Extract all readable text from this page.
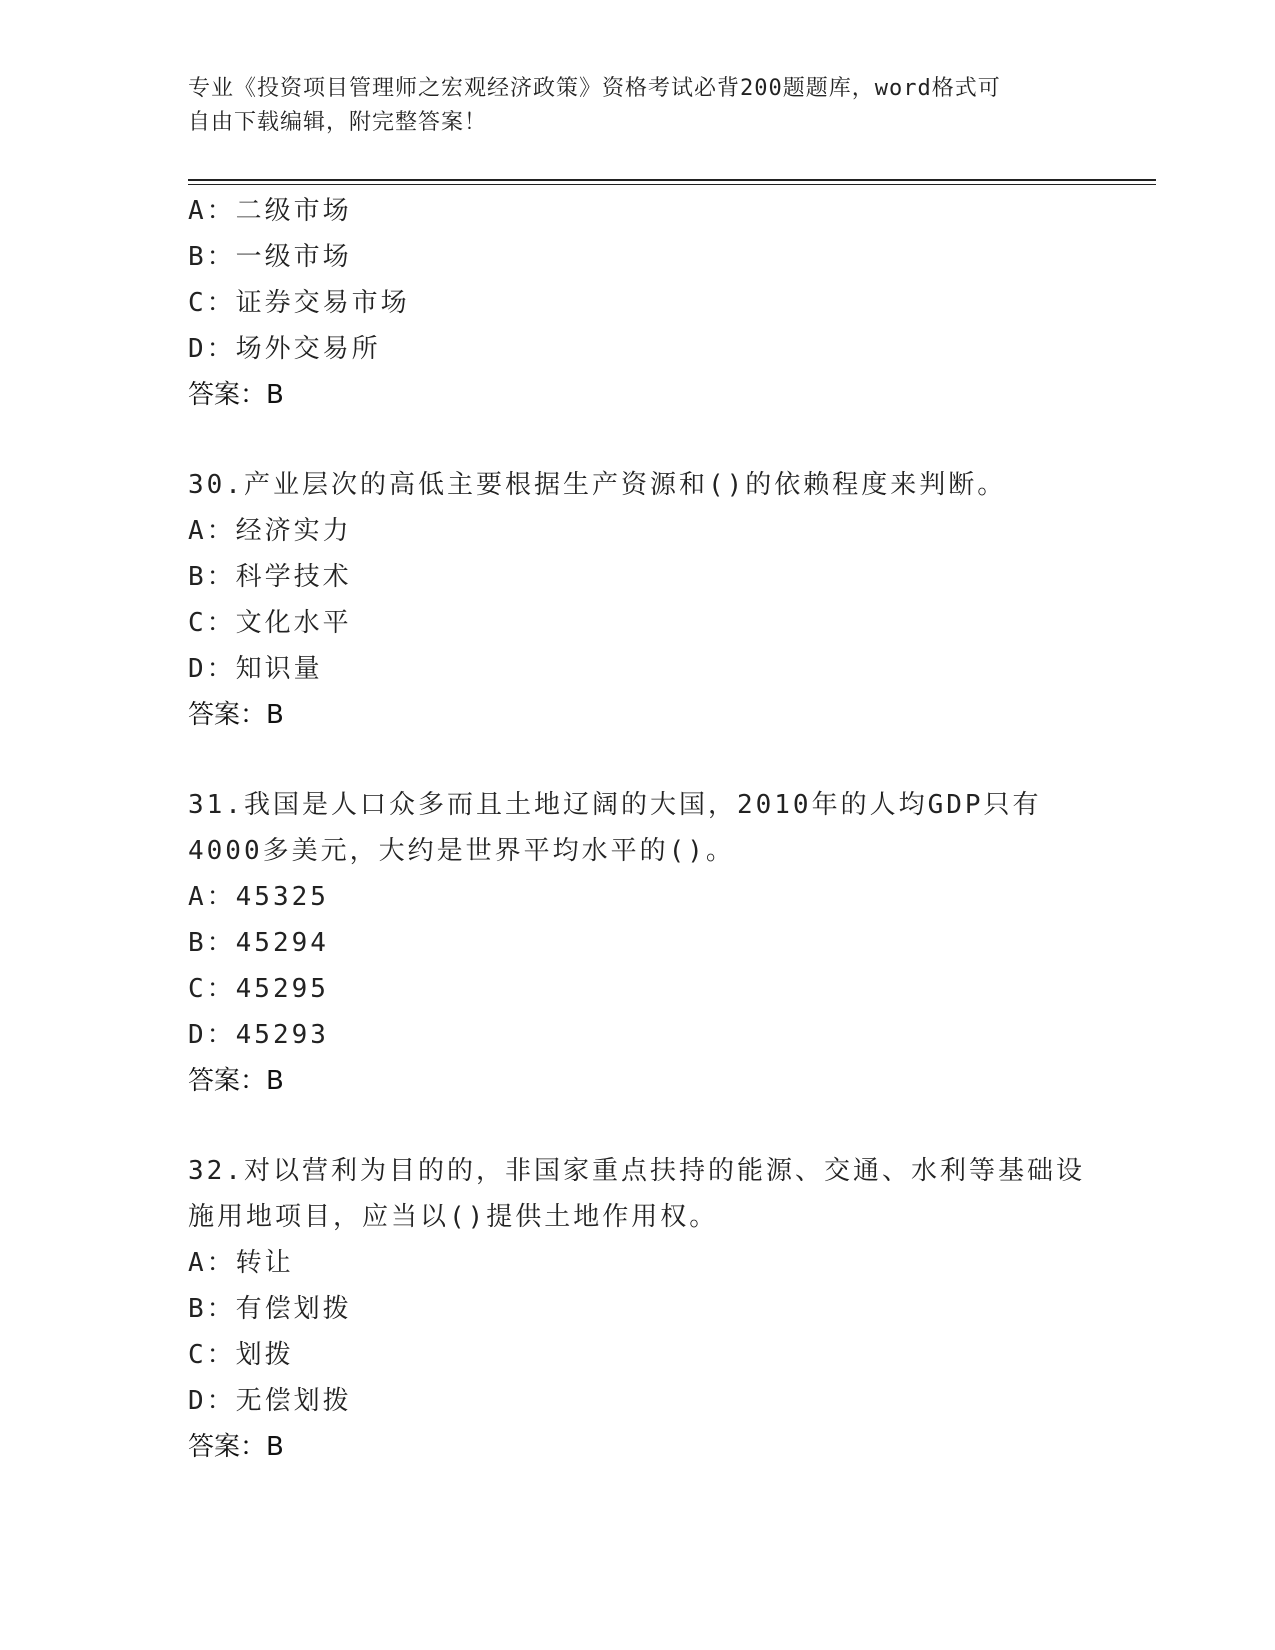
专业《投资项目管理师之宏观经济政策》资格考试必背200题题库，word格式可
自由下载编辑，附完整答案！
A：二级市场
B：一级市场
C：证券交易市场
D：场外交易所
答案：B
30.产业层次的高低主要根据生产资源和()的依赖程度来判断。
A：经济实力
B：科学技术
C：文化水平
D：知识量
答案：B
31.我国是人口众多而且土地辽阔的大国，2010年的人均GDP只有
4000多美元，大约是世界平均水平的()。
A：45325
B：45294
C：45295
D：45293
答案：B
32.对以营利为目的的，非国家重点扶持的能源、交通、水利等基础设
施用地项目，应当以()提供土地作用权。
A：转让
B：有偿划拨
C：划拨
D：无偿划拨
答案：B
